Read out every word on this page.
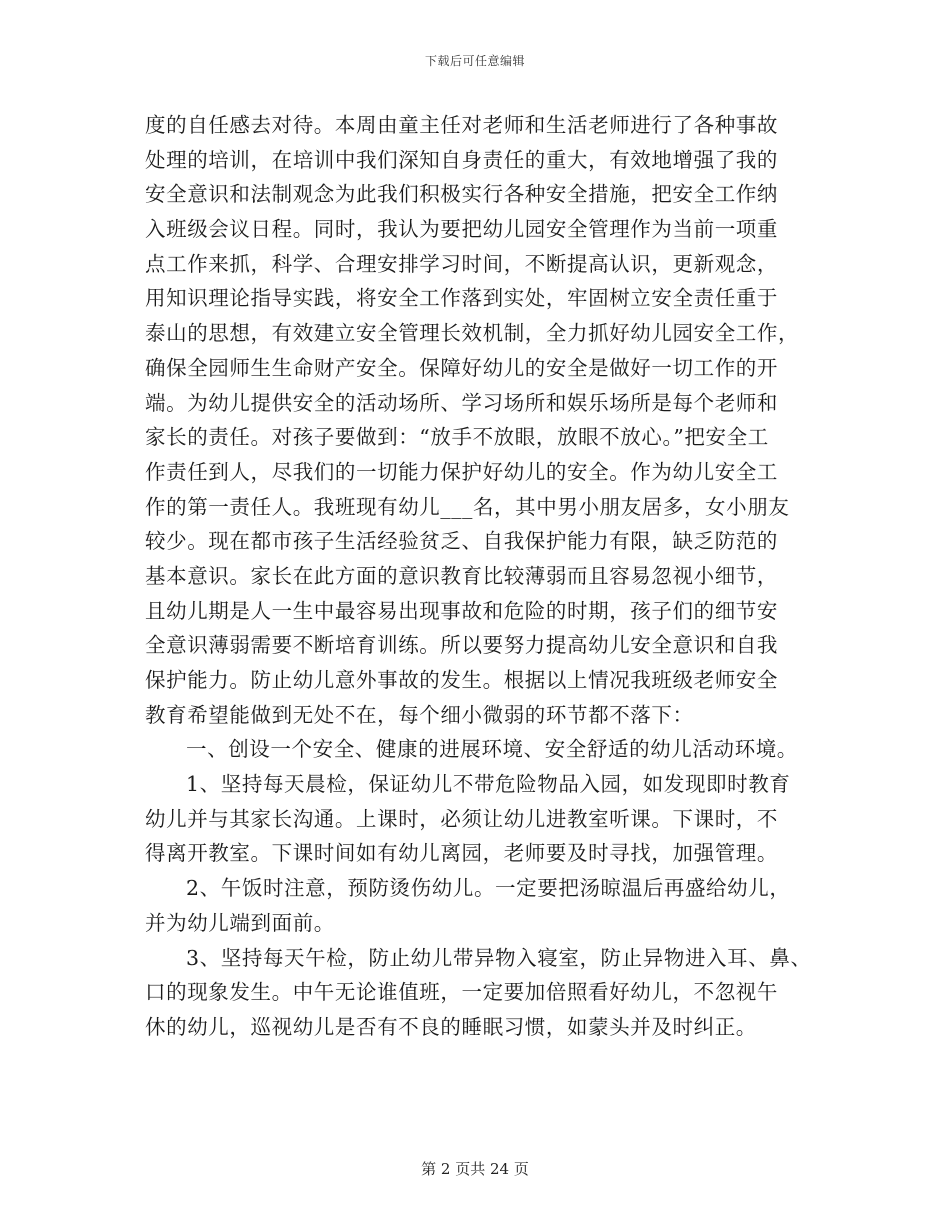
下载后可任意编辑
度的自任感去对待。本周由童主任对老师和生活老师进行了各种事故
处理的培训，在培训中我们深知自身责任的重大，有效地增强了我的
安全意识和法制观念为此我们积极实行各种安全措施，把安全工作纳
入班级会议日程。同时，我认为要把幼儿园安全管理作为当前一项重
点工作来抓，科学、合理安排学习时间，不断提高认识，更新观念，
用知识理论指导实践，将安全工作落到实处，牢固树立安全责任重于
泰山的思想，有效建立安全管理长效机制，全力抓好幼儿园安全工作，
确保全园师生生命财产安全。保障好幼儿的安全是做好一切工作的开
端。为幼儿提供安全的活动场所、学习场所和娱乐场所是每个老师和
家长的责任。对孩子要做到：“放手不放眼，放眼不放心。”把安全工
作责任到人，尽我们的一切能力保护好幼儿的安全。作为幼儿安全工
作的第一责任人。我班现有幼儿___名，其中男小朋友居多，女小朋友
较少。现在都市孩子生活经验贫乏、自我保护能力有限，缺乏防范的
基本意识。家长在此方面的意识教育比较薄弱而且容易忽视小细节，
且幼儿期是人一生中最容易出现事故和危险的时期，孩子们的细节安
全意识薄弱需要不断培育训练。所以要努力提高幼儿安全意识和自我
保护能力。防止幼儿意外事故的发生。根据以上情况我班级老师安全
教育希望能做到无处不在，每个细小微弱的环节都不落下：
一、创设一个安全、健康的进展环境、安全舒适的幼儿活动环境。
1、坚持每天晨检，保证幼儿不带危险物品入园，如发现即时教育
幼儿并与其家长沟通。上课时，必须让幼儿进教室听课。下课时，不
得离开教室。下课时间如有幼儿离园，老师要及时寻找，加强管理。
2、午饭时注意，预防烫伤幼儿。一定要把汤晾温后再盛给幼儿，
并为幼儿端到面前。
3、坚持每天午检，防止幼儿带异物入寝室，防止异物进入耳、鼻、
口的现象发生。中午无论谁值班，一定要加倍照看好幼儿，不忽视午
休的幼儿，巡视幼儿是否有不良的睡眠习惯，如蒙头并及时纠正。
第 2 页共 24 页
